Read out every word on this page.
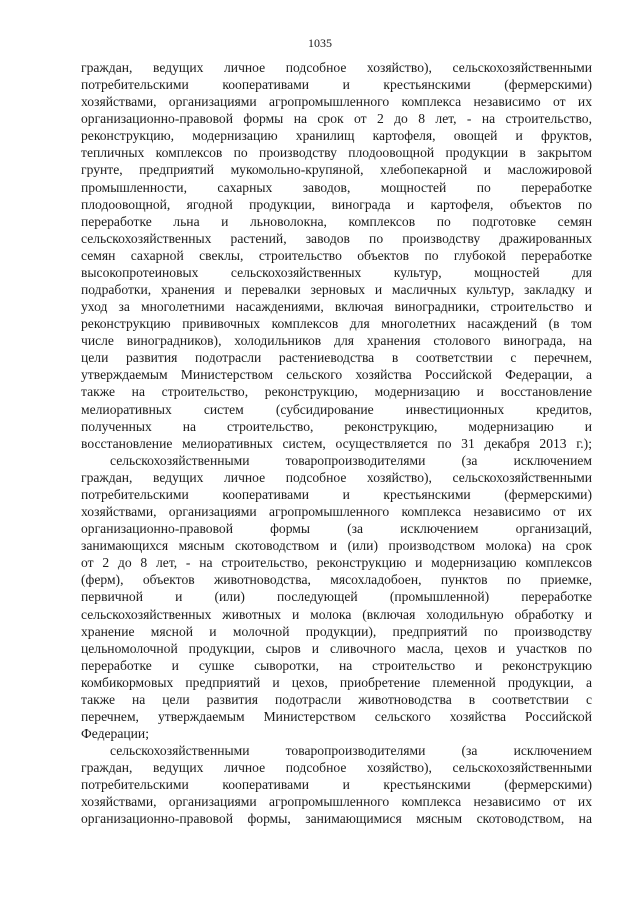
1035

граждан, ведущих личное подсобное хозяйство), сельскохозяйственными
потребительскими кооперативами и крестьянскими (фермерскими)
хозяйствами, организациями агропромышленного комплекса независимо от их
организационно-правовой формы на срок от 2 до 8 лет, - на строительство,
реконструкцию, модернизацию хранилищ картофеля, овощей и фруктов,
тепличных комплексов по производству плодоовощной продукции в закрытом
грунте, предприятий мукомольно-крупяной, хлебопекарной и масложировой
промышленности, сахарных заводов, мощностей по переработке
плодоовощной, ягодной продукции, винограда и картофеля, объектов по
переработке льна и льноволокна, комплексов по подготовке семян
сельскохозяйственных растений, заводов по производству дражированных
семян сахарной свеклы, строительство объектов по глубокой переработке
высокопротеиновых сельскохозяйственных культур, мощностей для
подработки, хранения и перевалки зерновых и масличных культур, закладку и
уход за многолетними насаждениями, включая виноградники, строительство и
реконструкцию прививочных комплексов для многолетних насаждений (в том
числе виноградников), холодильников для хранения столового винограда, на
цели развития подотрасли растениеводства в соответствии с перечнем,
утверждаемым Министерством сельского хозяйства Российской Федерации, а
также на строительство, реконструкцию, модернизацию и восстановление
мелиоративных систем (субсидирование инвестиционных кредитов,
полученных на строительство, реконструкцию, модернизацию и
восстановление мелиоративных систем, осуществляется по 31 декабря 2013 г.);

сельскохозяйственными товаропроизводителями (за исключением
граждан, ведущих личное подсобное хозяйство), сельскохозяйственными
потребительскими кооперативами и крестьянскими (фермерскими)
хозяйствами, организациями агропромышленного комплекса независимо от их
организационно-правовой формы (за исключением организаций,
занимающихся мясным скотоводством и (или) производством молока) на срок
от 2 до 8 лет, - на строительство, реконструкцию и модернизацию комплексов
(ферм), объектов животноводства, мясохладобоен, пунктов по приемке,
первичной и (или) последующей (промышленной) переработке
сельскохозяйственных животных и молока (включая холодильную обработку и
хранение мясной и молочной продукции), предприятий по производству
цельномолочной продукции, сыров и сливочного масла, цехов и участков по
переработке и сушке сыворотки, на строительство и реконструкцию
комбикормовых предприятий и цехов, приобретение племенной продукции, а
также на цели развития подотрасли животноводства в соответствии с
перечнем, утверждаемым Министерством сельского хозяйства Российской
Федерации;

сельскохозяйственными товаропроизводителями (за исключением
граждан, ведущих личное подсобное хозяйство), сельскохозяйственными
потребительскими кооперативами и крестьянскими (фермерскими)
хозяйствами, организациями агропромышленного комплекса независимо от их
организационно-правовой формы, занимающимися мясным скотоводством, на
